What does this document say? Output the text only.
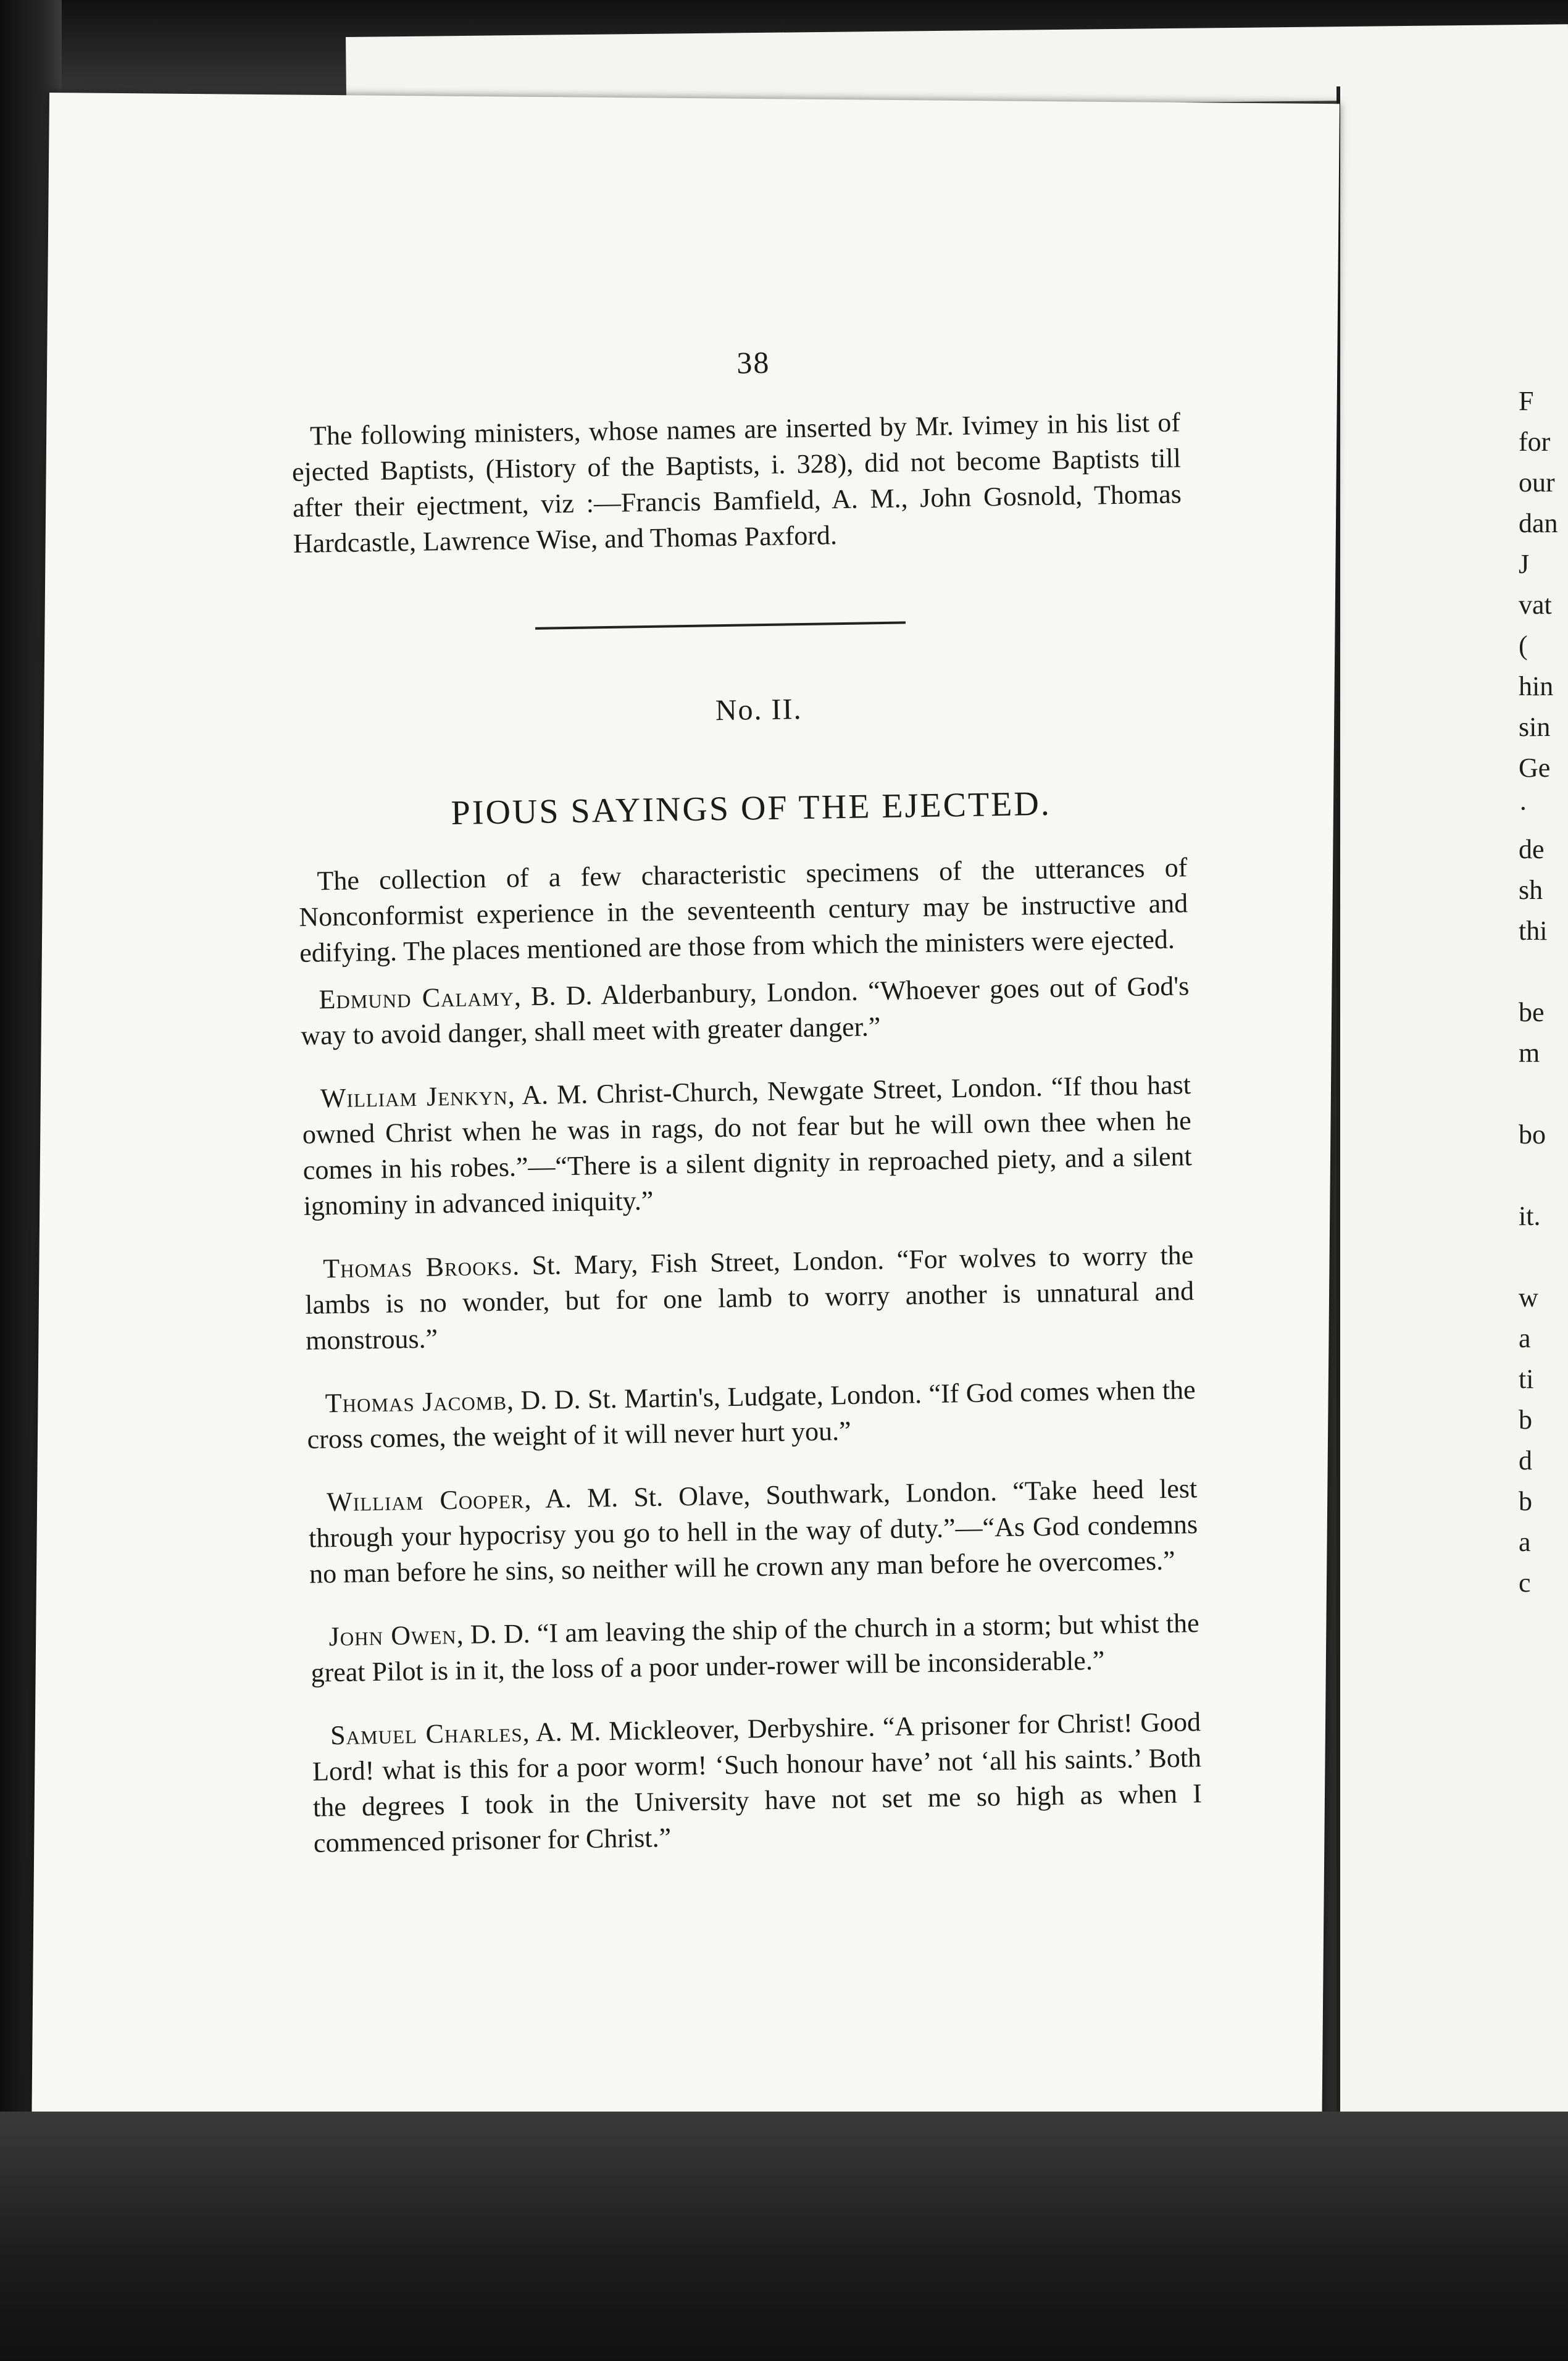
F
for
our
dan
J
vat
(
hin
sin
Ge
·
de
sh
thi
be
m
bo
it.
w
a
ti
b
d
b
a
c
38

The following ministers, whose names are inserted by Mr. Ivimey in his list of ejected Baptists, (History of the Baptists, i. 328), did not become Baptists till after their ejectment, viz :—Francis Bamfield, A. M., John Gosnold, Thomas Hardcastle, Lawrence Wise, and Thomas Paxford.

No. II.
PIOUS SAYINGS OF THE EJECTED.

The collection of a few characteristic specimens of the utterances of Nonconformist experience in the seventeenth century may be instructive and edifying. The places mentioned are those from which the ministers were ejected.

Edmund Calamy, B. D. Alderbanbury, London. “Whoever goes out of God's way to avoid danger, shall meet with greater danger.”

William Jenkyn, A. M. Christ-Church, Newgate Street, London. “If thou hast owned Christ when he was in rags, do not fear but he will own thee when he comes in his robes.”—“There is a silent dignity in reproached piety, and a silent ignominy in advanced iniquity.”

Thomas Brooks. St. Mary, Fish Street, London. “For wolves to worry the lambs is no wonder, but for one lamb to worry another is unnatural and monstrous.”

Thomas Jacomb, D. D. St. Martin's, Ludgate, London. “If God comes when the cross comes, the weight of it will never hurt you.”

William Cooper, A. M. St. Olave, Southwark, London. “Take heed lest through your hypocrisy you go to hell in the way of duty.”—“As God condemns no man before he sins, so neither will he crown any man before he overcomes.”

John Owen, D. D. “I am leaving the ship of the church in a storm; but whist the great Pilot is in it, the loss of a poor under-rower will be inconsiderable.”

Samuel Charles, A. M. Mickleover, Derbyshire. “A prisoner for Christ! Good Lord! what is this for a poor worm! ‘Such honour have’ not ‘all his saints.’ Both the degrees I took in the University have not set me so high as when I commenced prisoner for Christ.”
